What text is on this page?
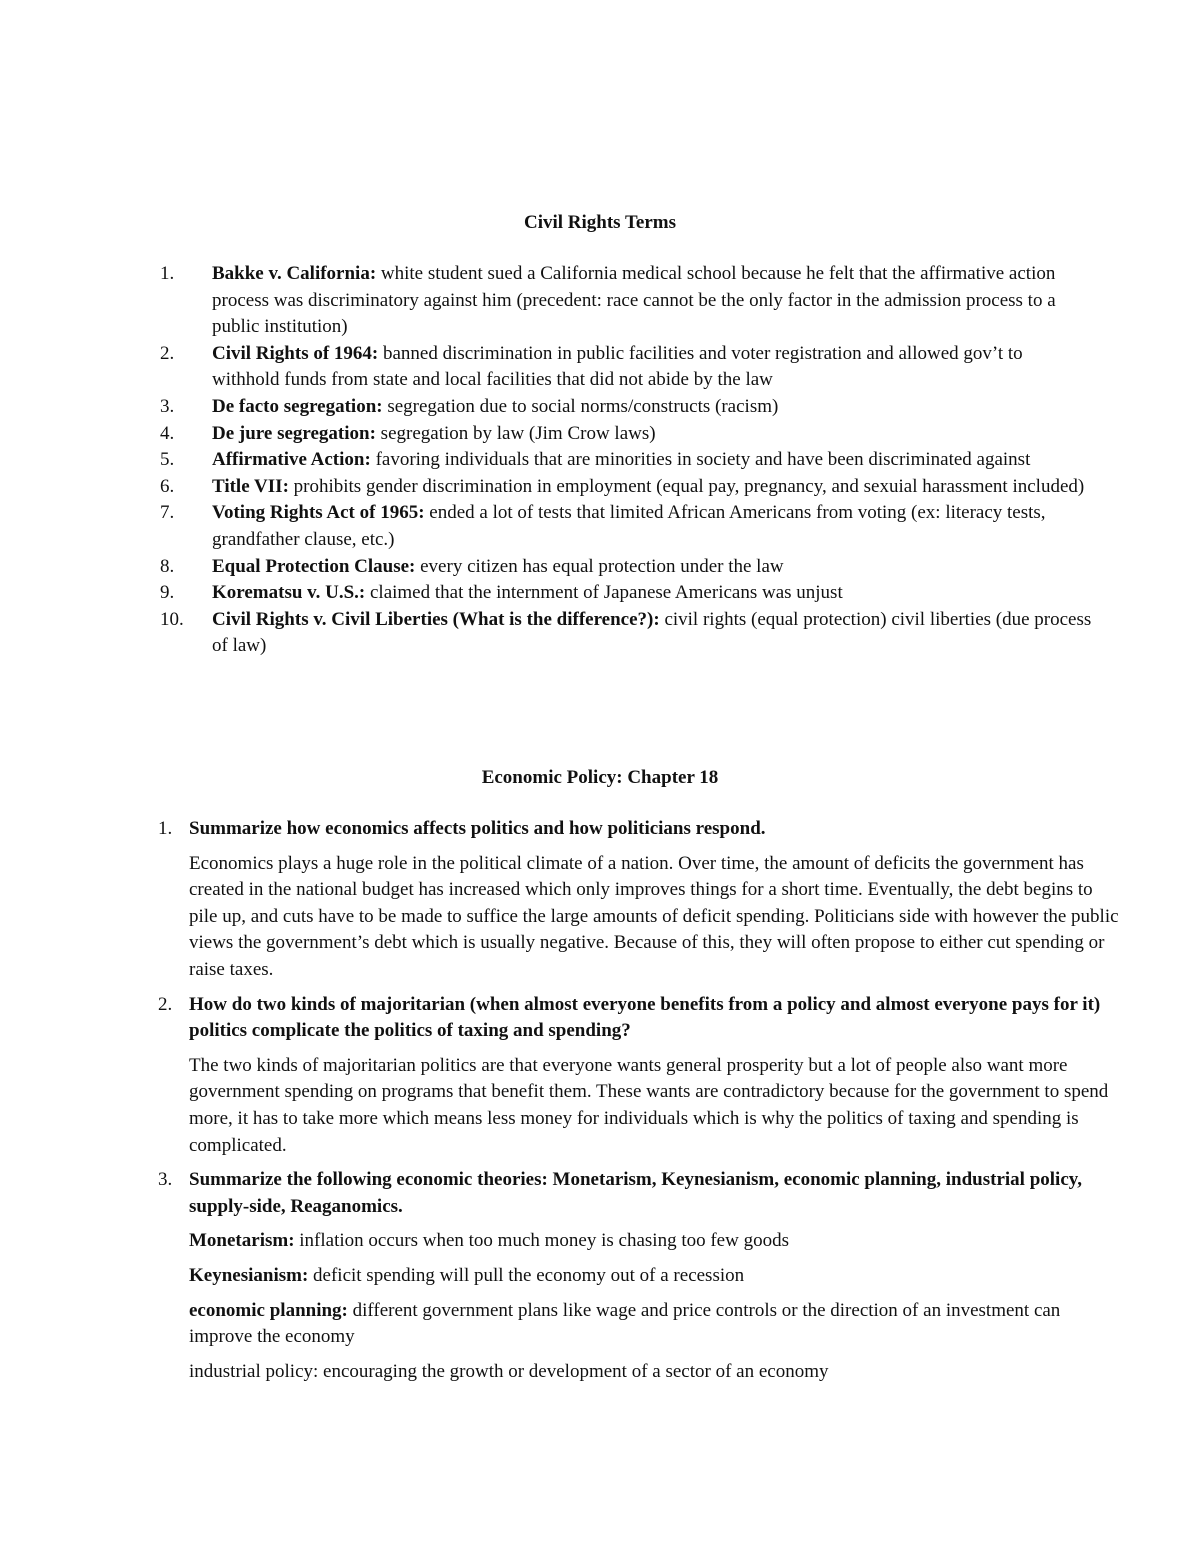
Civil Rights Terms
1.	Bakke v. California: white student sued a California medical school because he felt that the affirmative action process was discriminatory against him (precedent: race cannot be the only factor in the admission process to a public institution)
2.	Civil Rights of 1964: banned discrimination in public facilities and voter registration and allowed gov’t to withhold funds from state and local facilities that did not abide by the law
3.	De facto segregation: segregation due to social norms/constructs (racism)
4.	De jure segregation: segregation by law (Jim Crow laws)
5.	Affirmative Action: favoring individuals that are minorities in society and have been discriminated against
6.	Title VII: prohibits gender discrimination in employment (equal pay, pregnancy, and sexuial harassment included)
7.	Voting Rights Act of 1965: ended a lot of tests that limited African Americans from voting (ex: literacy tests, grandfather clause, etc.)
8.	Equal Protection Clause: every citizen has equal protection under the law
9.	Korematsu v. U.S.: claimed that the internment of Japanese Americans was unjust
10.	Civil Rights v. Civil Liberties (What is the difference?): civil rights (equal protection) civil liberties (due process of law)
Economic Policy: Chapter 18
1. Summarize how economics affects politics and how politicians respond.
Economics plays a huge role in the political climate of a nation. Over time, the amount of deficits the government has created in the national budget has increased which only improves things for a short time. Eventually, the debt begins to pile up, and cuts have to be made to suffice the large amounts of deficit spending. Politicians side with however the public views the government’s debt which is usually negative. Because of this, they will often propose to either cut spending or raise taxes.
2. How do two kinds of majoritarian (when almost everyone benefits from a policy and almost everyone pays for it) politics complicate the politics of taxing and spending?
The two kinds of majoritarian politics are that everyone wants general prosperity but a lot of people also want more government spending on programs that benefit them. These wants are contradictory because for the government to spend more, it has to take more which means less money for individuals which is why the politics of taxing and spending is complicated.
3. Summarize the following economic theories: Monetarism, Keynesianism, economic planning, industrial policy, supply-side, Reaganomics.
Monetarism: inflation occurs when too much money is chasing too few goods
Keynesianism: deficit spending will pull the economy out of a recession
economic planning: different government plans like wage and price controls or the direction of an investment can improve the economy
industrial policy: encouraging the growth or development of a sector of an economy
